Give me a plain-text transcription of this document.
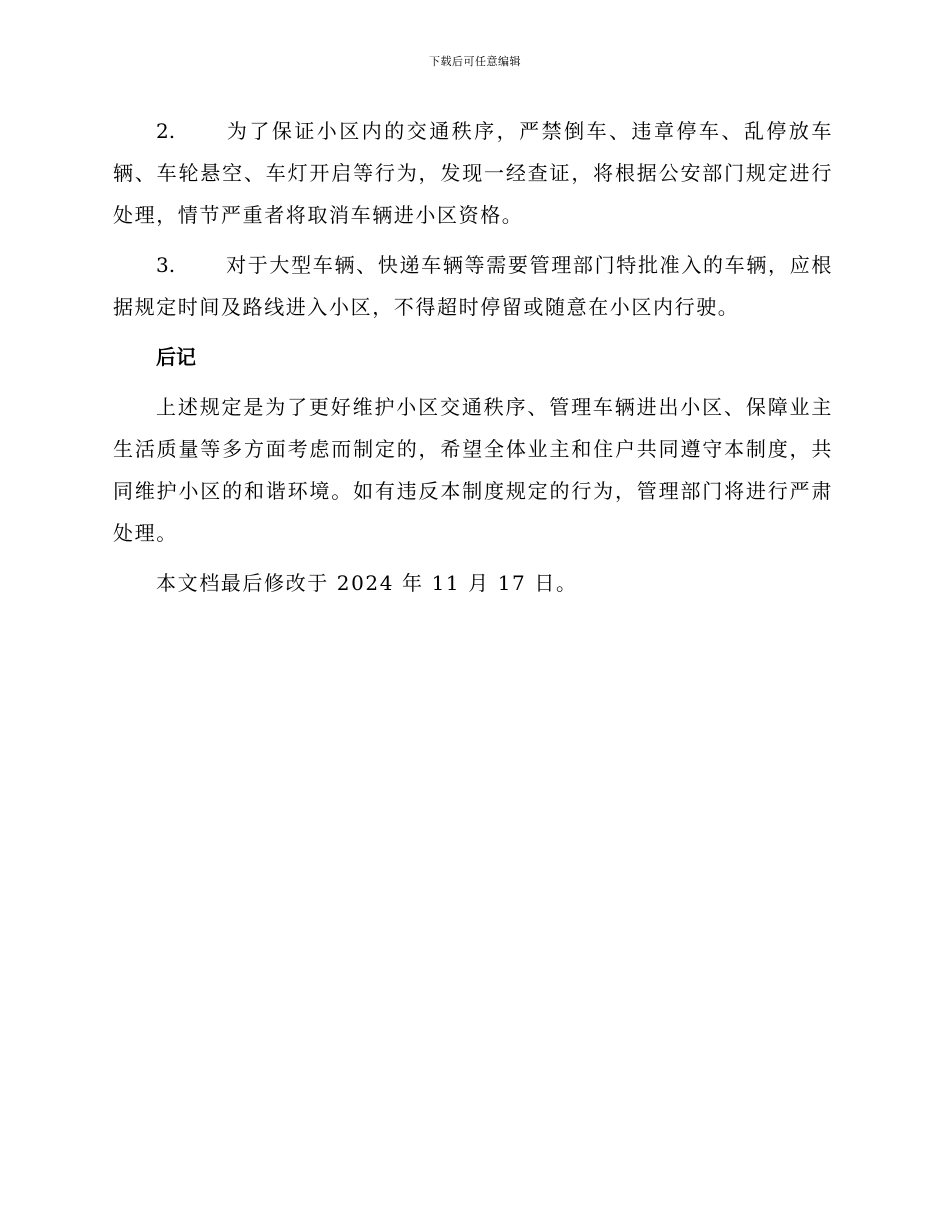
下载后可任意编辑

2.	为了保证小区内的交通秩序，严禁倒车、违章停车、乱停放车辆、车轮悬空、车灯开启等行为，发现一经查证，将根据公安部门规定进行处理，情节严重者将取消车辆进小区资格。

3.	对于大型车辆、快递车辆等需要管理部门特批准入的车辆，应根据规定时间及路线进入小区，不得超时停留或随意在小区内行驶。

后记

上述规定是为了更好维护小区交通秩序、管理车辆进出小区、保障业主生活质量等多方面考虑而制定的，希望全体业主和住户共同遵守本制度，共同维护小区的和谐环境。如有违反本制度规定的行为，管理部门将进行严肃处理。

本文档最后修改于 2024 年 11 月 17 日。
